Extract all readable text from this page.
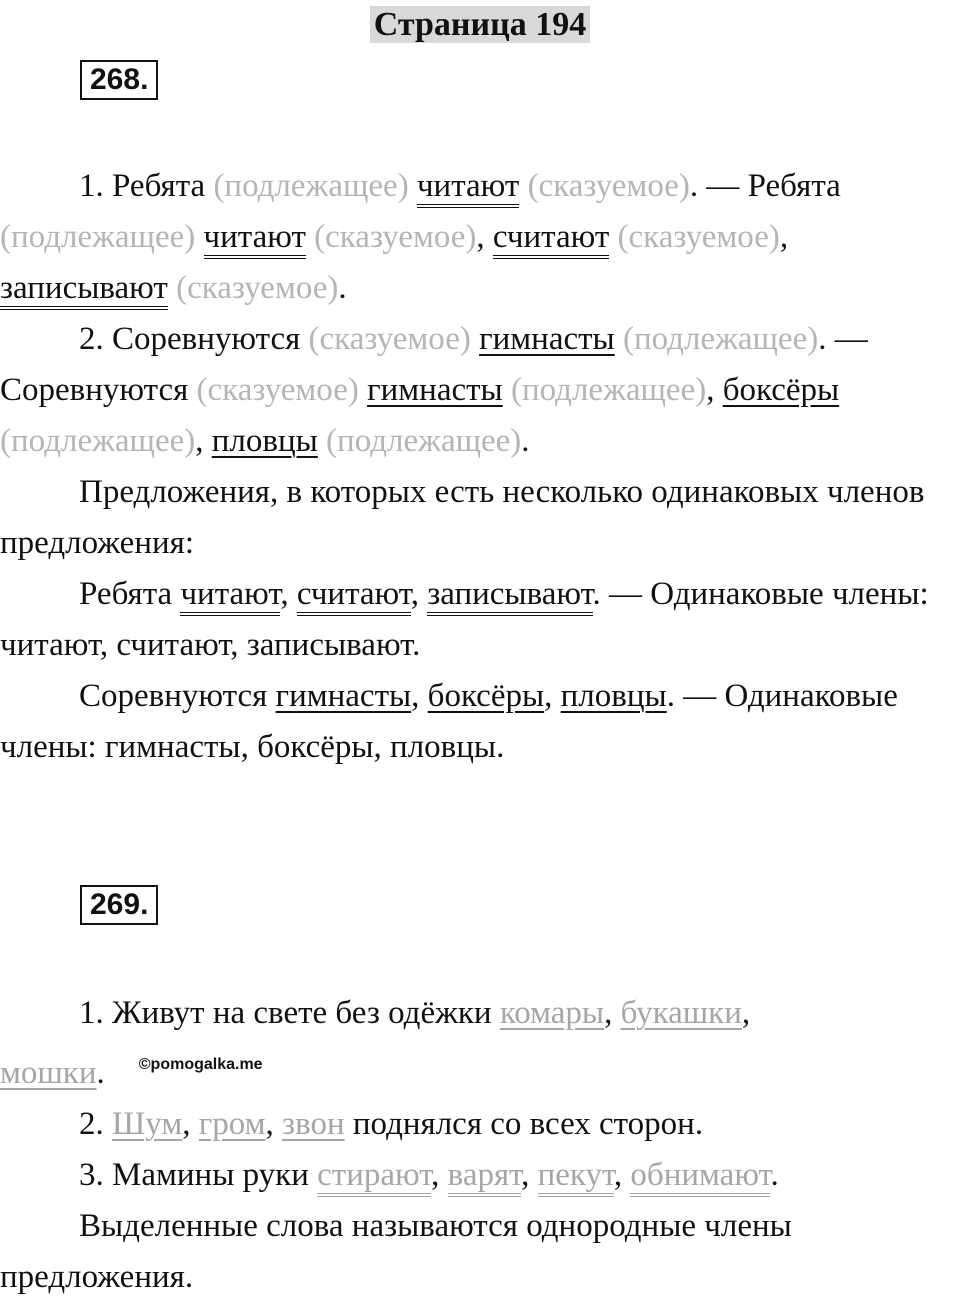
Страница 194
268.

1. Ребята (подлежащее) читают (сказуемое). — Ребята (подлежащее) читают (сказуемое), считают (сказуемое), записывают (сказуемое).

2. Соревнуются (сказуемое) гимнасты (подлежащее). —
Соревнуются (сказуемое) гимнасты (подлежащее), боксёры
(подлежащее), пловцы (подлежащее).

Предложения, в которых есть несколько одинаковых членов предложения:

Ребята читают, считают, записывают. — Одинаковые члены: читают, считают, записывают.

Соревнуются гимнасты, боксёры, пловцы. — Одинаковые члены: гимнасты, боксёры, пловцы.

269.

1. Живут на свете без одёжки комары, букашки,
мошки. $^{©pomogalka.me}$

2. Шум, гром, звон поднялся со всех сторон.

3. Мамины руки стирают, варят, пекут, обнимают.

Выделенные слова называются однородные члены предложения.
